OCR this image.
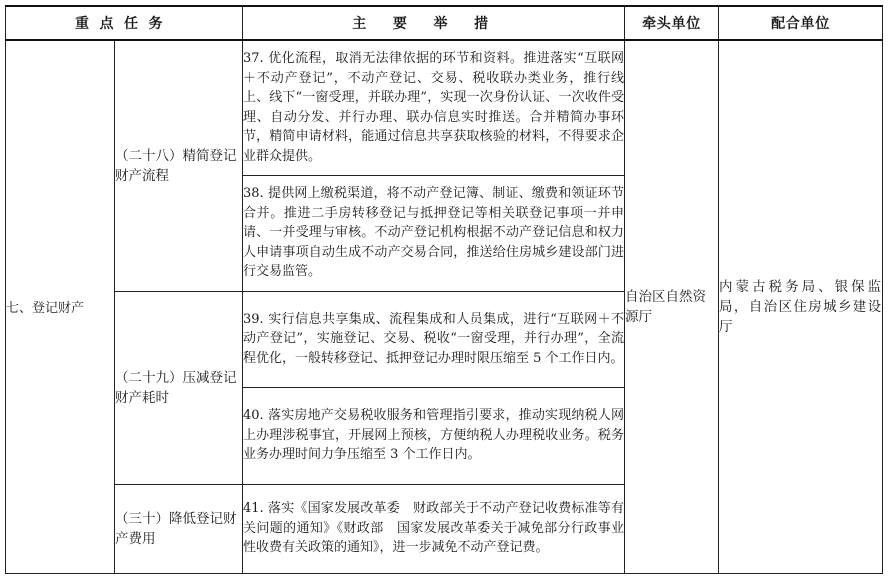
重点任务		主要举措	牵头单位	配合单位
七、登记财产	（二十八）精简登记财产流程	37. 优化流程，取消无法律依据的环节和资料。推进落实“互联网＋不动产登记”，不动产登记、交易、税收联办类业务，推行线上、线下“一窗受理，并联办理”，实现一次身份认证、一次收件受理、自动分发、并行办理、联办信息实时推送。合并精简办事环节，精简申请材料，能通过信息共享获取核验的材料，不得要求企业群众提供。	自治区自然资源厅	内蒙古税务局、银保监局，自治区住房城乡建设厅

		38. 提供网上缴税渠道，将不动产登记簿、制证、缴费和领证环节合并。推进二手房转移登记与抵押登记等相关联登记事项一并申请、一并受理与审核。不动产登记机构根据不动产登记信息和权力人申请事项自动生成不动产交易合同，推送给住房城乡建设部门进行交易监管。		

	（二十九）压减登记财产耗时	39. 实行信息共享集成、流程集成和人员集成，进行“互联网＋不动产登记”，实施登记、交易、税收“一窗受理，并行办理”，全流程优化，一般转移登记、抵押登记办理时限压缩至 5 个工作日内。		

		40. 落实房地产交易税收服务和管理指引要求，推动实现纳税人网上办理涉税事宜，开展网上预核，方便纳税人办理税收业务。税务业务办理时间力争压缩至 3 个工作日内。		

	（三十）降低登记财产费用	41. 落实《国家发展改革委　财政部关于不动产登记收费标准等有关问题的通知》《财政部　国家发展改革委关于减免部分行政事业性收费有关政策的通知》，进一步减免不动产登记费。		
